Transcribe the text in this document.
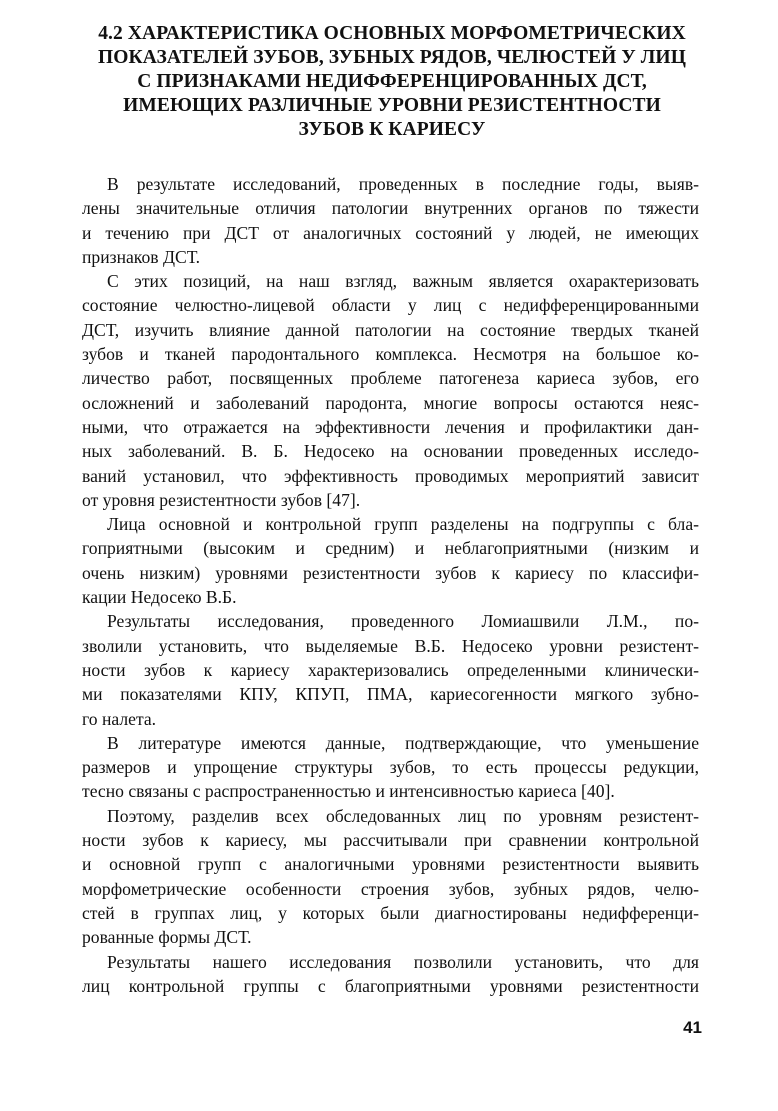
4.2 ХАРАКТЕРИСТИКА ОСНОВНЫХ МОРФОМЕТРИЧЕСКИХ
ПОКАЗАТЕЛЕЙ ЗУБОВ, ЗУБНЫХ РЯДОВ, ЧЕЛЮСТЕЙ У ЛИЦ
С ПРИЗНАКАМИ НЕДИФФЕРЕНЦИРОВАННЫХ ДСТ,
ИМЕЮЩИХ РАЗЛИЧНЫЕ УРОВНИ РЕЗИСТЕНТНОСТИ
ЗУБОВ К КАРИЕСУ

В результате исследований, проведенных в последние годы, выяв-
лены значительные отличия патологии внутренних органов по тяжести
и течению при ДСТ от аналогичных состояний у людей, не имеющих
признаков ДСТ.

С этих позиций, на наш взгляд, важным является охарактеризовать
состояние челюстно-лицевой области у лиц с недифференцированными
ДСТ, изучить влияние данной патологии на состояние твердых тканей
зубов и тканей пародонтального комплекса. Несмотря на большое ко-
личество работ, посвященных проблеме патогенеза кариеса зубов, его
осложнений и заболеваний пародонта, многие вопросы остаются неяс-
ными, что отражается на эффективности лечения и профилактики дан-
ных заболеваний. В. Б. Недосеко на основании проведенных исследо-
ваний установил, что эффективность проводимых мероприятий зависит
от уровня резистентности зубов [47].

Лица основной и контрольной групп разделены на подгруппы с бла-
гоприятными (высоким и средним) и неблагоприятными (низким и
очень низким) уровнями резистентности зубов к кариесу по классифи-
кации Недосеко В.Б.

Результаты исследования, проведенного Ломиашвили Л.М., по-
зволили установить, что выделяемые В.Б. Недосеко уровни резистент-
ности зубов к кариесу характеризовались определенными клинически-
ми показателями КПУ, КПУП, ПМА, кариесогенности мягкого зубно-
го налета.

В литературе имеются данные, подтверждающие, что уменьшение
размеров и упрощение структуры зубов, то есть процессы редукции,
тесно связаны с распространенностью и интенсивностью кариеса [40].

Поэтому, разделив всех обследованных лиц по уровням резистент-
ности зубов к кариесу, мы рассчитывали при сравнении контрольной
и основной групп с аналогичными уровнями резистентности выявить
морфометрические особенности строения зубов, зубных рядов, челю-
стей в группах лиц, у которых были диагностированы недифференци-
рованные формы ДСТ.

Результаты нашего исследования позволили установить, что для
лиц контрольной группы с благоприятными уровнями резистентности

41
